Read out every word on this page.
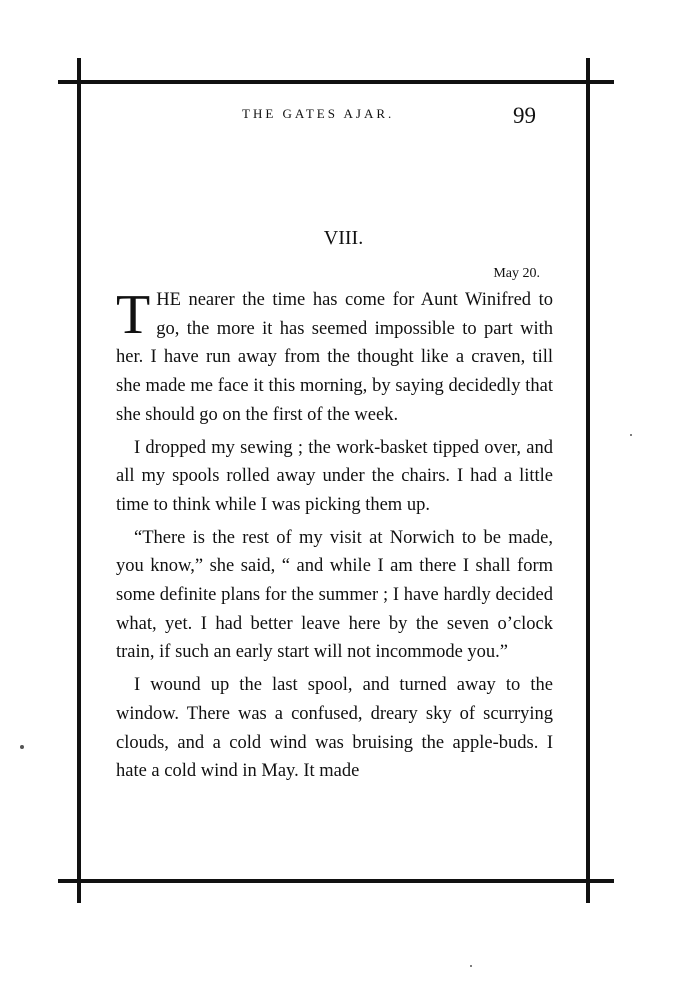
THE GATES AJAR.	99
VIII.
May 20.

THE nearer the time has come for Aunt Winifred to go, the more it has seemed impossible to part with her. I have run away from the thought like a craven, till she made me face it this morning, by saying decidedly that she should go on the first of the week.

I dropped my sewing ; the work-basket tipped over, and all my spools rolled away under the chairs. I had a little time to think while I was picking them up.

“There is the rest of my visit at Norwich to be made, you know,” she said, “ and while I am there I shall form some definite plans for the summer ; I have hardly decided what, yet. I had better leave here by the seven o’clock train, if such an early start will not incommode you.”

I wound up the last spool, and turned away to the window. There was a confused, dreary sky of scurrying clouds, and a cold wind was bruising the apple-buds. I hate a cold wind in May. It made
